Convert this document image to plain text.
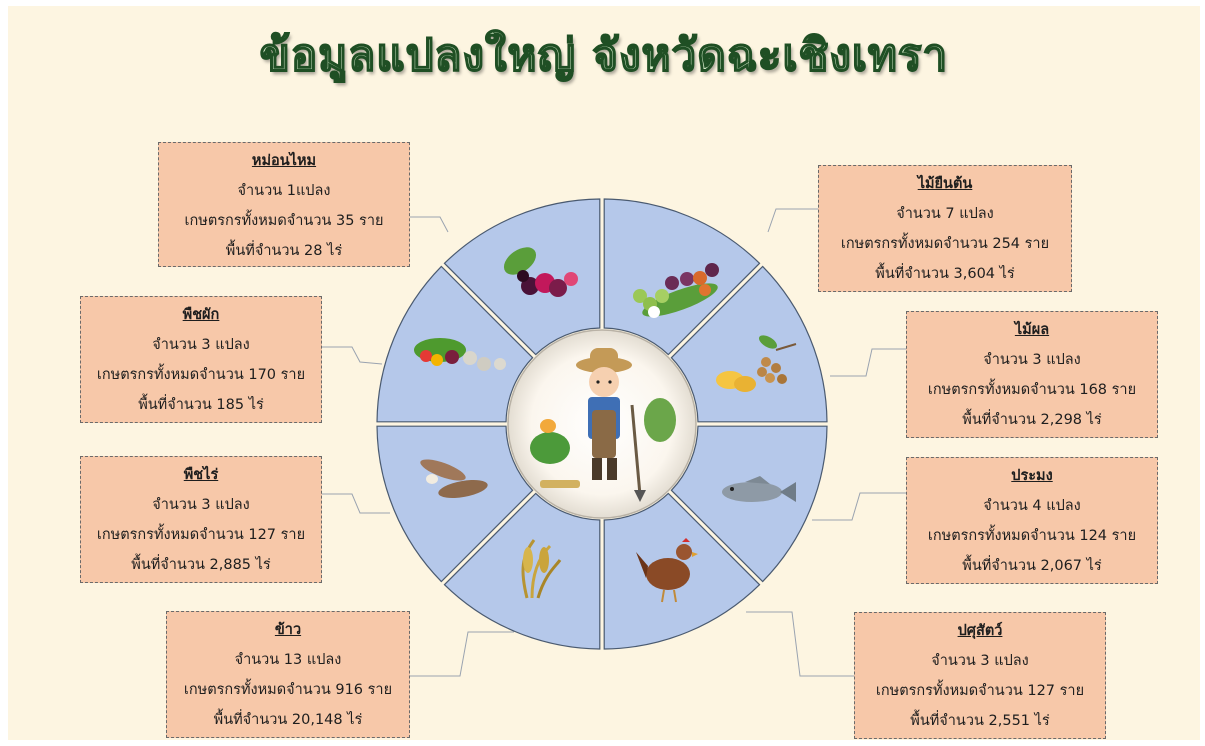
ข้อมูลแปลงใหญ่ จังหวัดฉะเชิงเทรา
หม่อนไหม
จำนวน 1แปลง
เกษตรกรทั้งหมดจำนวน 35 ราย
พื้นที่จำนวน 28 ไร่
ไม้ยืนต้น
จำนวน 7 แปลง
เกษตรกรทั้งหมดจำนวน 254 ราย
พื้นที่จำนวน 3,604 ไร่
พืชผัก
จำนวน 3 แปลง
เกษตรกรทั้งหมดจำนวน 170 ราย
พื้นที่จำนวน 185 ไร่
ไม้ผล
จำนวน 3 แปลง
เกษตรกรทั้งหมดจำนวน 168 ราย
พื้นที่จำนวน 2,298 ไร่
พืชไร่
จำนวน 3 แปลง
เกษตรกรทั้งหมดจำนวน 127 ราย
พื้นที่จำนวน 2,885 ไร่
ประมง
จำนวน 4 แปลง
เกษตรกรทั้งหมดจำนวน 124 ราย
พื้นที่จำนวน 2,067 ไร่
ข้าว
จำนวน 13 แปลง
เกษตรกรทั้งหมดจำนวน 916 ราย
พื้นที่จำนวน 20,148 ไร่
ปศุสัตว์
จำนวน 3 แปลง
เกษตรกรทั้งหมดจำนวน 127 ราย
พื้นที่จำนวน 2,551 ไร่
